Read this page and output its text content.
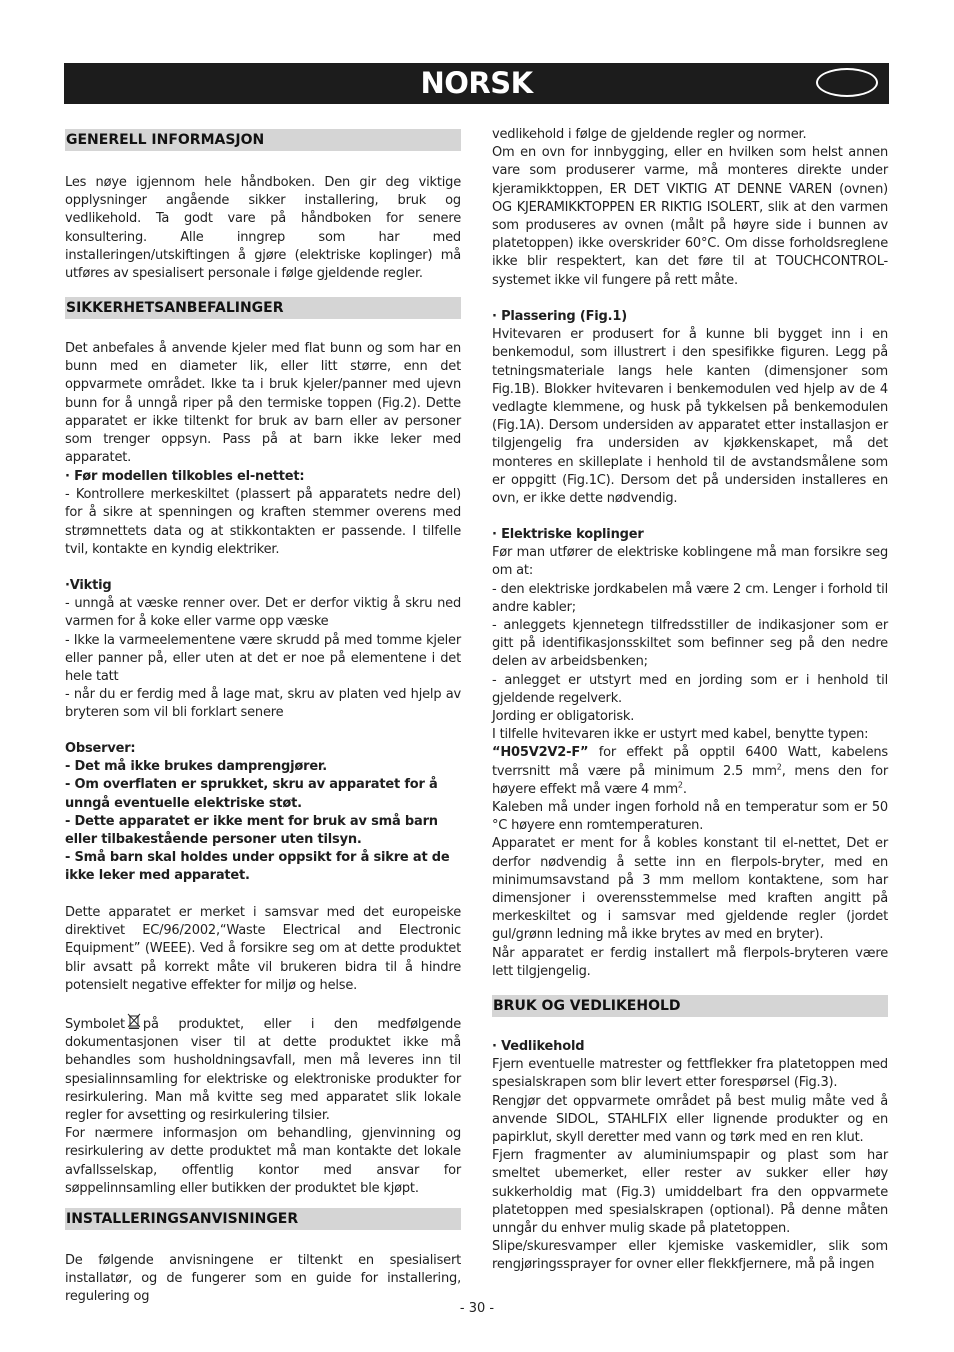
NORSK
GENERELL INFORMASJON
Les nøye igjennom hele håndboken. Den gir deg viktige opplysninger angående sikker installering, bruk og vedlikehold. Ta godt vare på håndboken for senere konsultering. Alle inngrep som har med installeringen/utskiftingen å gjøre (elektriske koplinger) må utføres av spesialisert personale i følge gjeldende regler.
SIKKERHETSANBEFALINGER
Det anbefales å anvende kjeler med flat bunn og som har en bunn med en diameter lik, eller litt større, enn det oppvarmete området. Ikke ta i bruk kjeler/panner med ujevn bunn for å unngå riper på den termiske toppen (Fig.2). Dette apparatet er ikke tiltenkt for bruk av barn eller av personer som trenger oppsyn. Pass på at barn ikke leker med apparatet.

· Før modellen tilkobles el-nettet:

- Kontrollere merkeskiltet (plassert på apparatets nedre del) for å sikre at spenningen og kraften stemmer overens med strømnettets data og at stikkontakten er passende. I tilfelle tvil, kontakte en kyndig elektriker.

·Viktig

- unngå at væske renner over. Det er derfor viktig å skru ned varmen for å koke eller varme opp væske

- Ikke la varmeelementene være skrudd på med tomme kjeler eller panner på, eller uten at det er noe på elementene i det hele tatt

- når du er ferdig med å lage mat, skru av platen ved hjelp av bryteren som vil bli forklart senere

Observer:

- Det må ikke brukes damprengjører.

- Om overflaten er sprukket, skru av apparatet for å unngå eventuelle elektriske støt.

- Dette apparatet er ikke ment for bruk av små barn eller tilbakestående personer uten tilsyn.

- Små barn skal holdes under oppsikt for å sikre at de ikke leker med apparatet.

Dette apparatet er merket i samsvar med det europeiske direktivet EC/96/2002,“Waste Electrical and Electronic Equipment” (WEEE). Ved å forsikre seg om at dette produktet blir avsatt på korrekt måte vil brukeren bidra til å hindre potensielt negative effekter for miljø og helse.

Symbolet på produktet, eller i den medfølgende dokumentasjonen viser til at dette produktet ikke må behandles som husholdningsavfall, men må leveres inn til spesialinnsamling for elektriske og elektroniske produkter for resirkulering. Man må kvitte seg med apparatet slik lokale regler for avsetting og resirkulering tilsier.

For nærmere informasjon om behandling, gjenvinning og resirkulering av dette produktet må man kontakte det lokale avfallsselskap, offentlig kontor med ansvar for søppelinnsamling eller butikken der produktet ble kjøpt.

INSTALLERINGSANVISNINGER
De følgende anvisningene er tiltenkt en spesialisert installatør, og de fungerer som en guide for installering, regulering og

vedlikehold i følge de gjeldende regler og normer.

Om en ovn for innbygging, eller en hvilken som helst annen vare som produserer varme, må monteres direkte under kjeramikktoppen, ER DET VIKTIG AT DENNE VAREN (ovnen) OG KJERAMIKKTOPPEN ER RIKTIG ISOLERT, slik at den varmen som produseres av ovnen (målt på høyre side i bunnen av platetoppen) ikke overskrider 60°C. Om disse forholdsreglene ikke blir respektert, kan det føre til at TOUCHCONTROL-systemet ikke vil fungere på rett måte.

· Plassering (Fig.1)

Hvitevaren er produsert for å kunne bli bygget inn i en benkemodul, som illustrert i den spesifikke figuren. Legg på tetningsmateriale langs hele kanten (dimensjoner som Fig.1B). Blokker hvitevaren i benkemodulen ved hjelp av de 4 vedlagte klemmene, og husk på tykkelsen på benkemodulen (Fig.1A). Dersom undersiden av apparatet etter installasjon er tilgjengelig fra undersiden av kjøkkenskapet, må det monteres en skilleplate i henhold til de avstandsmålene som er oppgitt (Fig.1C). Dersom det på undersiden installeres en ovn, er ikke dette nødvendig.

· Elektriske koplinger

Før man utfører de elektriske koblingene må man forsikre seg om at:

- den elektriske jordkabelen må være 2 cm. Lenger i forhold til andre kabler;

- anleggets kjennetegn tilfredsstiller de indikasjoner som er gitt på identifikasjonsskiltet som befinner seg på den nedre delen av arbeidsbenken;

- anlegget er utstyrt med en jording som er i henhold til gjeldende regelverk.

Jording er obligatorisk.

I tilfelle hvitevaren ikke er ustyrt med kabel, benytte typen:

“H05V2V2-F” for effekt på opptil 6400 Watt, kabelens tverrsnitt må være på minimum 2.5 $mm^2$, mens den for høyere effekt må være 4 $mm^2$.

Kaleben må under ingen forhold nå en temperatur som er 50 °C høyere enn romtemperaturen.

Apparatet er ment for å kobles konstant til el-nettet, Det er derfor nødvendig å sette inn en flerpols-bryter, med en minimumsavstand på 3 mm mellom kontaktene, som har dimensjoner i overensstemmelse med kraften angitt på merkeskiltet og i samsvar med gjeldende regler (jordet gul/grønn ledning må ikke brytes av med en bryter).

Når apparatet er ferdig installert må flerpols-bryteren være lett tilgjengelig.

BRUK OG VEDLIKEHOLD

· Vedlikehold

Fjern eventuelle matrester og fettflekker fra platetoppen med spesialskrapen som blir levert etter forespørsel (Fig.3).

Rengjør det oppvarmete området på best mulig måte ved å anvende SIDOL, STAHLFIX eller lignende produkter og en papirklut, skyll deretter med vann og tørk med en ren klut.

Fjern fragmenter av aluminiumspapir og plast som har smeltet ubemerket, eller rester av sukker eller høy sukkerholdig mat (Fig.3) umiddelbart fra den oppvarmete platetoppen med spesialskrapen (optional). På denne måten unngår du enhver mulig skade på platetoppen.

Slipe/skuresvamper eller kjemiske vaskemidler, slik som rengjøringssprayer for ovner eller flekkfjernere, må på ingen

- 30 -
